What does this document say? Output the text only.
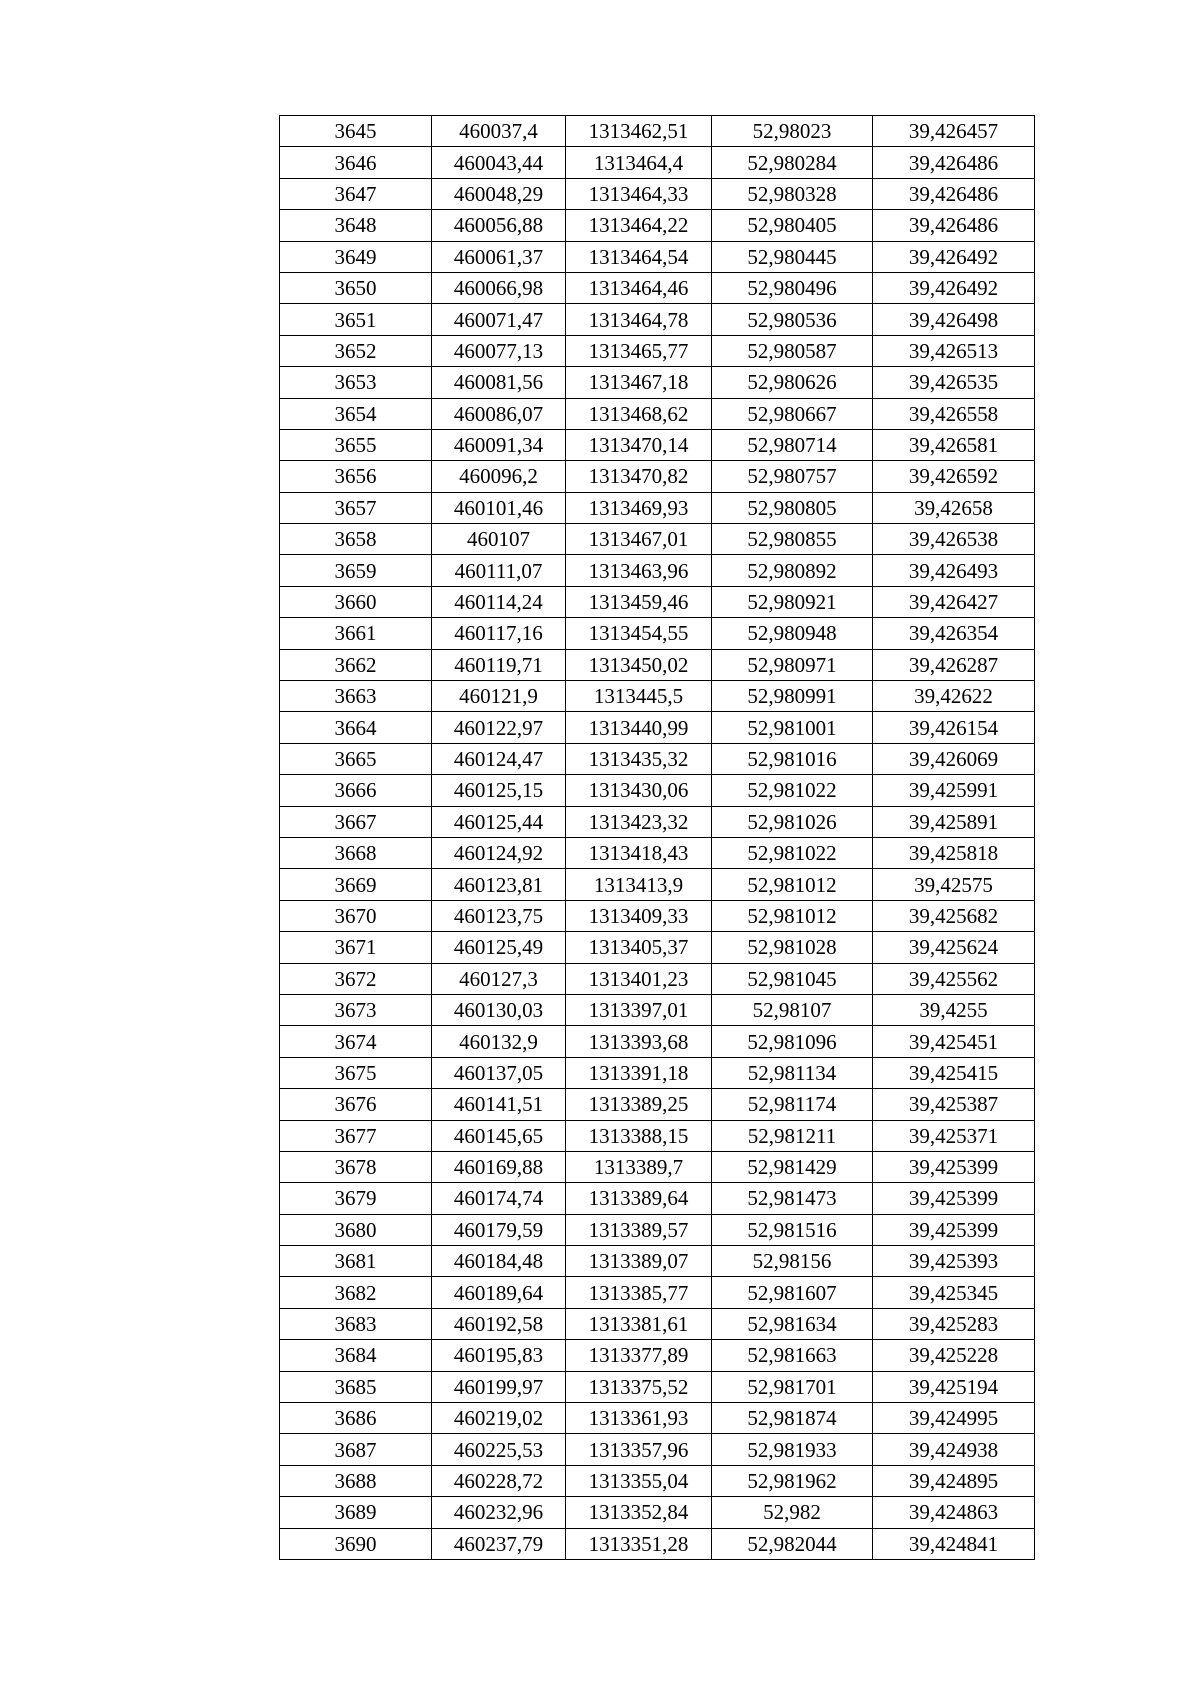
3645	460037,4	1313462,51	52,98023	39,426457
3646	460043,44	1313464,4	52,980284	39,426486
3647	460048,29	1313464,33	52,980328	39,426486
3648	460056,88	1313464,22	52,980405	39,426486
3649	460061,37	1313464,54	52,980445	39,426492
3650	460066,98	1313464,46	52,980496	39,426492
3651	460071,47	1313464,78	52,980536	39,426498
3652	460077,13	1313465,77	52,980587	39,426513
3653	460081,56	1313467,18	52,980626	39,426535
3654	460086,07	1313468,62	52,980667	39,426558
3655	460091,34	1313470,14	52,980714	39,426581
3656	460096,2	1313470,82	52,980757	39,426592
3657	460101,46	1313469,93	52,980805	39,42658
3658	460107	1313467,01	52,980855	39,426538
3659	460111,07	1313463,96	52,980892	39,426493
3660	460114,24	1313459,46	52,980921	39,426427
3661	460117,16	1313454,55	52,980948	39,426354
3662	460119,71	1313450,02	52,980971	39,426287
3663	460121,9	1313445,5	52,980991	39,42622
3664	460122,97	1313440,99	52,981001	39,426154
3665	460124,47	1313435,32	52,981016	39,426069
3666	460125,15	1313430,06	52,981022	39,425991
3667	460125,44	1313423,32	52,981026	39,425891
3668	460124,92	1313418,43	52,981022	39,425818
3669	460123,81	1313413,9	52,981012	39,42575
3670	460123,75	1313409,33	52,981012	39,425682
3671	460125,49	1313405,37	52,981028	39,425624
3672	460127,3	1313401,23	52,981045	39,425562
3673	460130,03	1313397,01	52,98107	39,4255
3674	460132,9	1313393,68	52,981096	39,425451
3675	460137,05	1313391,18	52,981134	39,425415
3676	460141,51	1313389,25	52,981174	39,425387
3677	460145,65	1313388,15	52,981211	39,425371
3678	460169,88	1313389,7	52,981429	39,425399
3679	460174,74	1313389,64	52,981473	39,425399
3680	460179,59	1313389,57	52,981516	39,425399
3681	460184,48	1313389,07	52,98156	39,425393
3682	460189,64	1313385,77	52,981607	39,425345
3683	460192,58	1313381,61	52,981634	39,425283
3684	460195,83	1313377,89	52,981663	39,425228
3685	460199,97	1313375,52	52,981701	39,425194
3686	460219,02	1313361,93	52,981874	39,424995
3687	460225,53	1313357,96	52,981933	39,424938
3688	460228,72	1313355,04	52,981962	39,424895
3689	460232,96	1313352,84	52,982	39,424863
3690	460237,79	1313351,28	52,982044	39,424841
